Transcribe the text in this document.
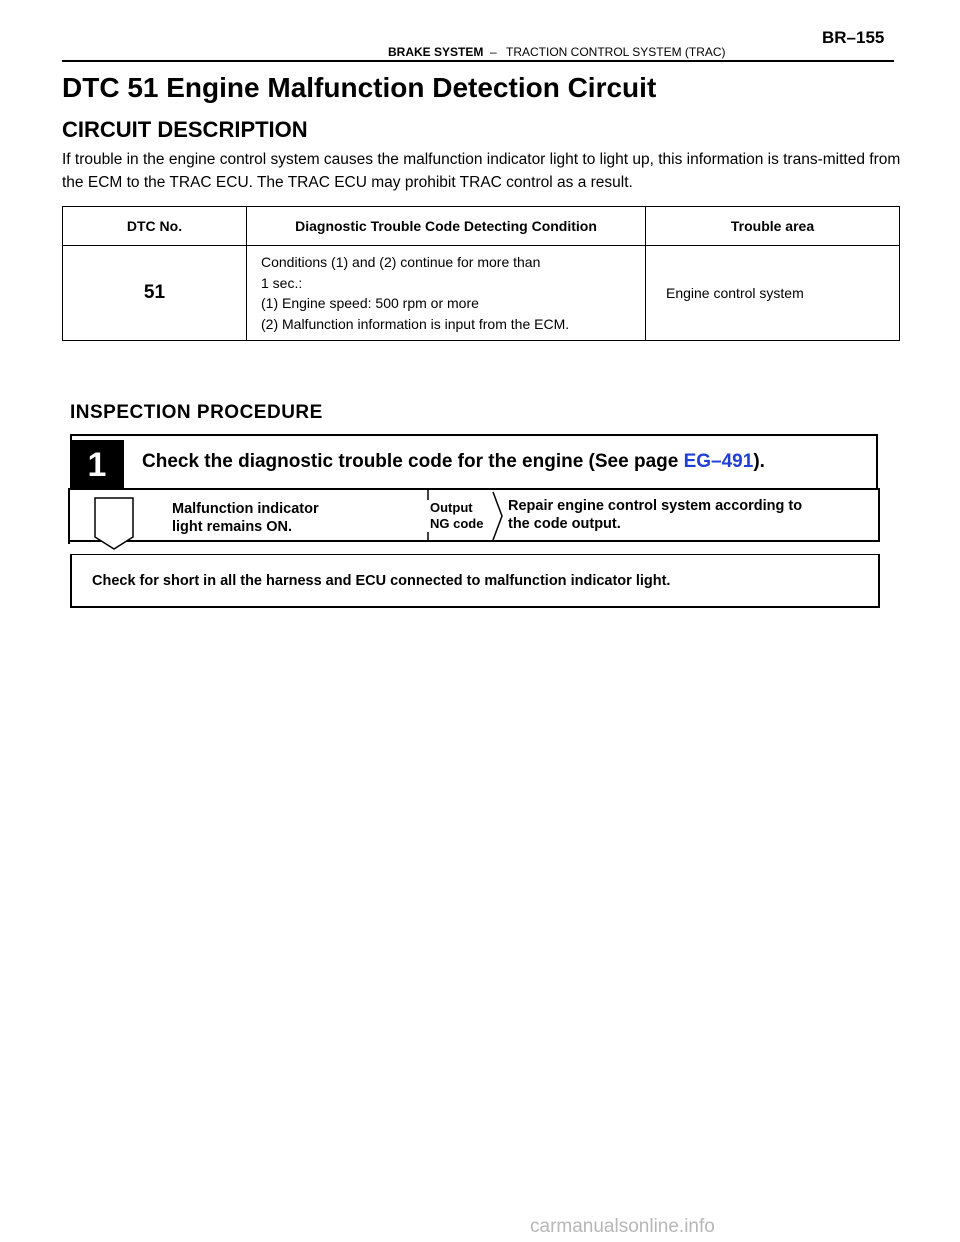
BRAKE SYSTEM – TRACTION CONTROL SYSTEM (TRAC)
BR–155
DTC 51 Engine Malfunction Detection Circuit
CIRCUIT DESCRIPTION

If trouble in the engine control system causes the malfunction indicator light to light up, this information is trans-mitted from the ECM to the TRAC ECU. The TRAC ECU may prohibit TRAC control as a result.

DTC No.	Diagnostic Trouble Code Detecting Condition	Trouble area
51	Conditions (1) and (2) continue for more than
1 sec.:
(1) Engine speed: 500 rpm or more
(2) Malfunction information is input from the ECM.	Engine control system
INSPECTION PROCEDURE
1	Check the diagnostic trouble code for the engine (See page EG–491).
Malfunction indicator
light remains ON.
Output
NG code
Repair engine control system according to
the code output.
Check for short in all the harness and ECU connected to malfunction indicator light.
carmanualsonline.info
